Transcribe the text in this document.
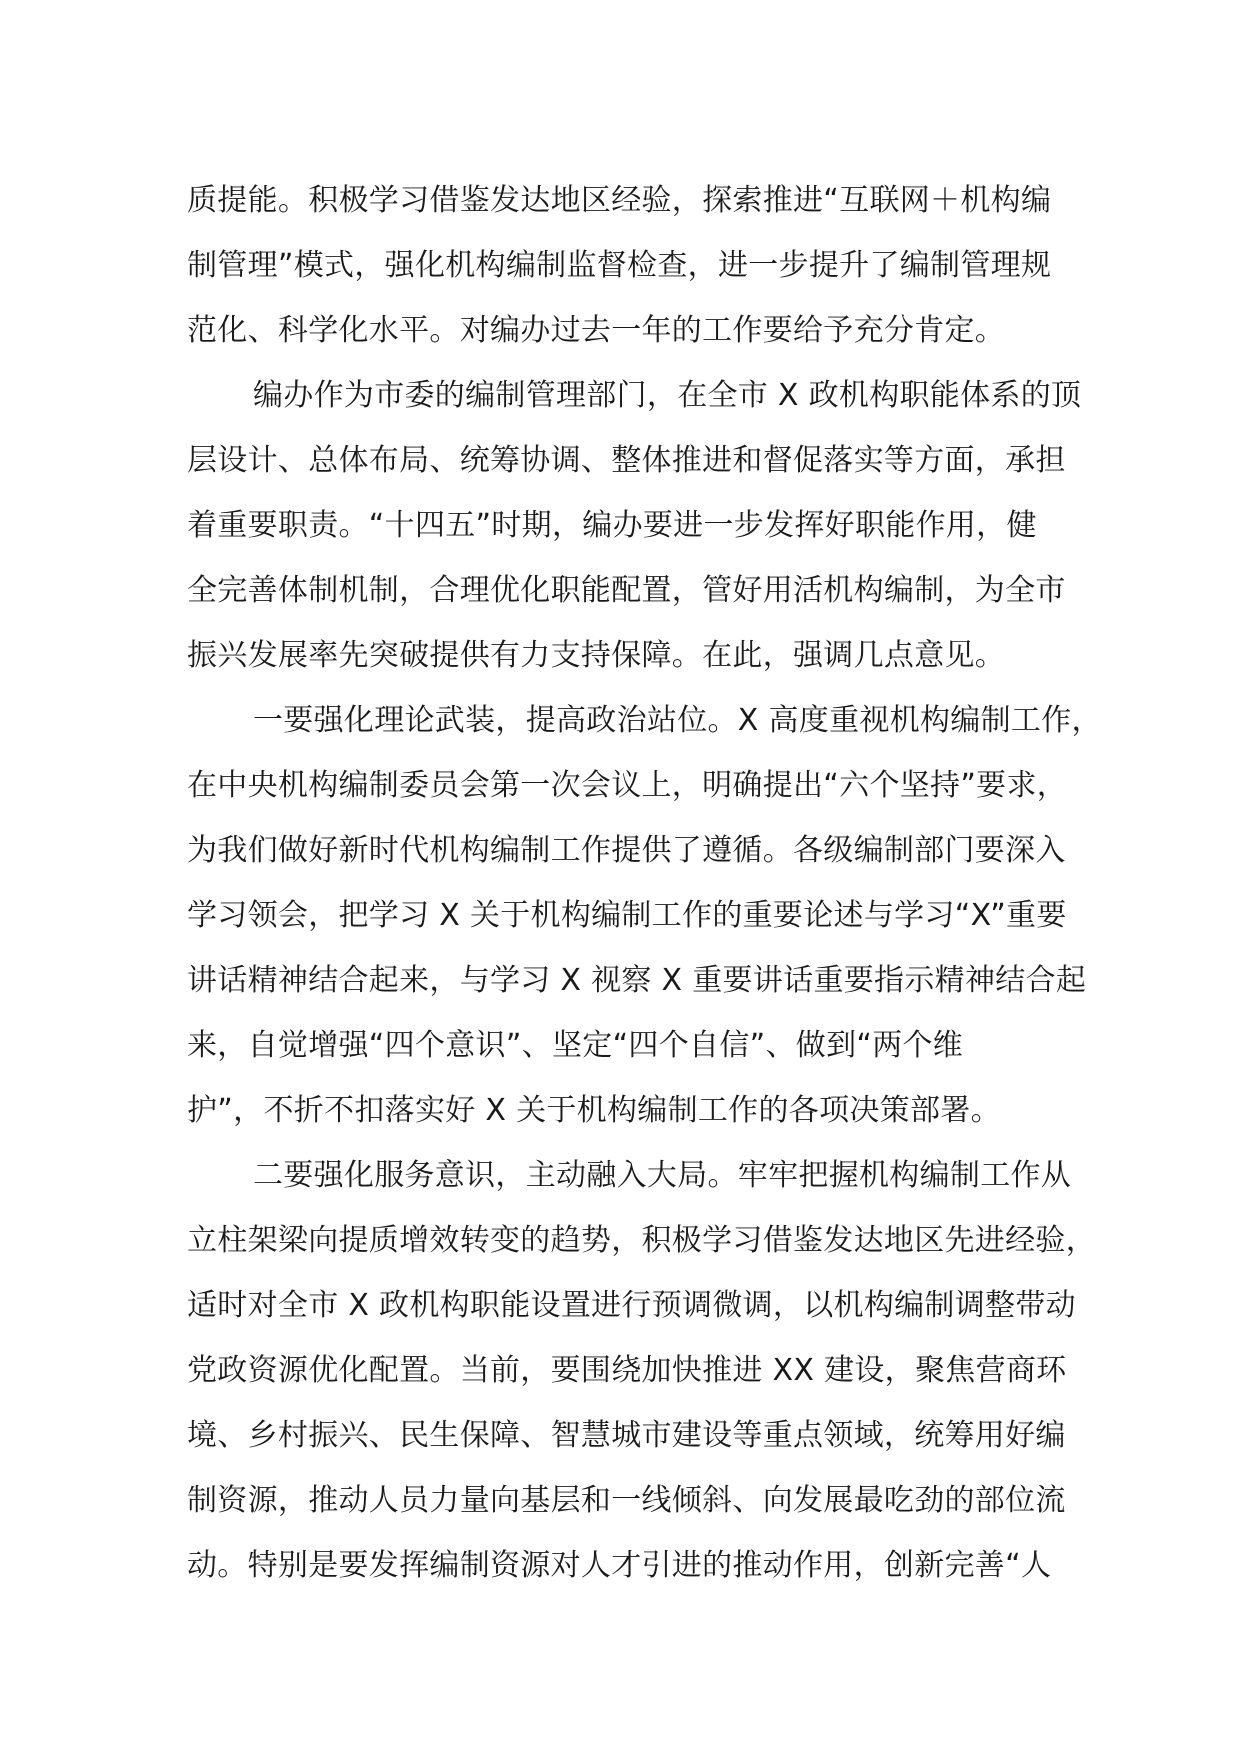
质提能。积极学习借鉴发达地区经验，探索推进“互联网＋机构编
制管理”模式，强化机构编制监督检查，进一步提升了编制管理规
范化、科学化水平。对编办过去一年的工作要给予充分肯定。
编办作为市委的编制管理部门，在全市 X 政机构职能体系的顶
层设计、总体布局、统筹协调、整体推进和督促落实等方面，承担
着重要职责。“十四五”时期，编办要进一步发挥好职能作用，健
全完善体制机制，合理优化职能配置，管好用活机构编制，为全市
振兴发展率先突破提供有力支持保障。在此，强调几点意见。
一要强化理论武装，提高政治站位。X 高度重视机构编制工作，
在中央机构编制委员会第一次会议上，明确提出“六个坚持”要求，
为我们做好新时代机构编制工作提供了遵循。各级编制部门要深入
学习领会，把学习 X 关于机构编制工作的重要论述与学习“X”重要
讲话精神结合起来，与学习 X 视察 X 重要讲话重要指示精神结合起
来，自觉增强“四个意识”、坚定“四个自信”、做到“两个维
护”，不折不扣落实好 X 关于机构编制工作的各项决策部署。
二要强化服务意识，主动融入大局。牢牢把握机构编制工作从
立柱架梁向提质增效转变的趋势，积极学习借鉴发达地区先进经验，
适时对全市 X 政机构职能设置进行预调微调，以机构编制调整带动
党政资源优化配置。当前，要围绕加快推进 XX 建设，聚焦营商环
境、乡村振兴、民生保障、智慧城市建设等重点领域，统筹用好编
制资源，推动人员力量向基层和一线倾斜、向发展最吃劲的部位流
动。特别是要发挥编制资源对人才引进的推动作用，创新完善“人
